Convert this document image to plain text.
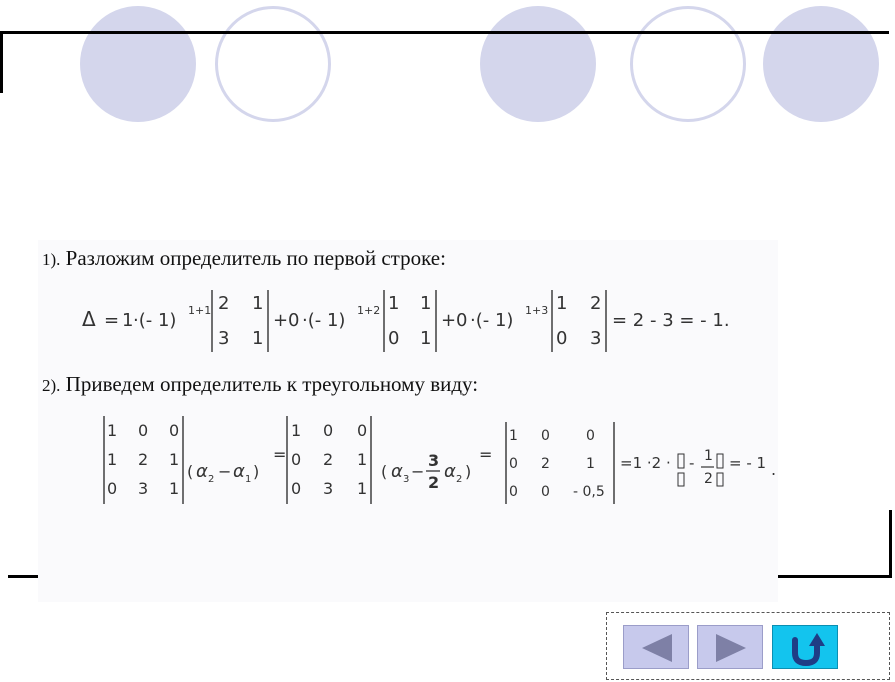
1). Разложим определитель по первой строке:
Δ = 1 ·(- 1) 1+1 2 1
3 1
+ 0 ·(- 1) 1+2 1 1
0 1
+ 0 ·(- 1) 1+3 1 2
0 3
= 2 - 3 = - 1.
2). Приведем определитель к треугольному виду:
1 0 0
1 2 1
0 3 1
( α 2 − α 1 )
=
1 0 0
0 2 1
0 3 1
( α 3 −
3
2
α 2 )
=
1 0	0
0 2	1
0 0 - 0,5
=1 ·2 · - 1
2
= - 1 .
